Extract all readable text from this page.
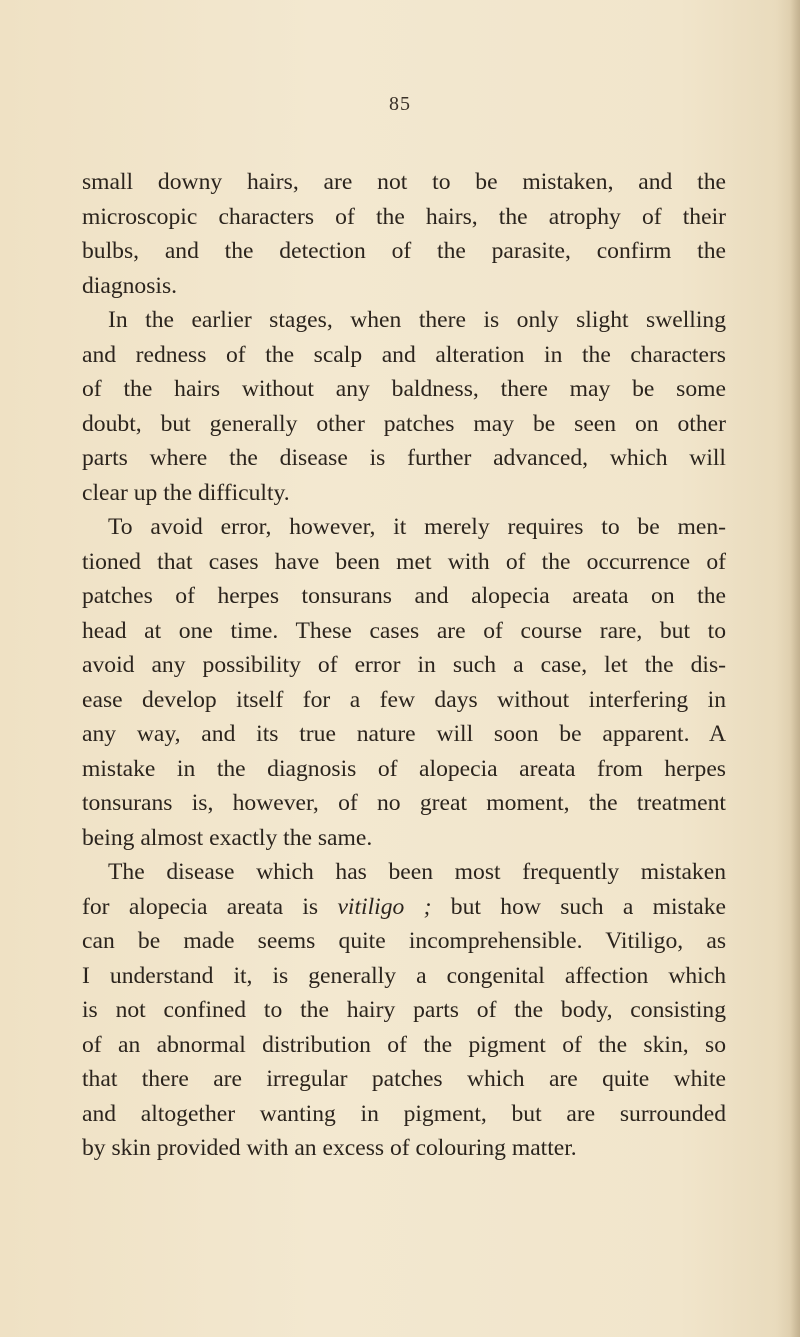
85
small downy hairs, are not to be mistaken, and the
microscopic characters of the hairs, the atrophy of their
bulbs, and the detection of the parasite, confirm the
diagnosis.
In the earlier stages, when there is only slight swelling
and redness of the scalp and alteration in the characters
of the hairs without any baldness, there may be some
doubt, but generally other patches may be seen on other
parts where the disease is further advanced, which will
clear up the difficulty.
To avoid error, however, it merely requires to be men-
tioned that cases have been met with of the occurrence of
patches of herpes tonsurans and alopecia areata on the
head at one time. These cases are of course rare, but to
avoid any possibility of error in such a case, let the dis-
ease develop itself for a few days without interfering in
any way, and its true nature will soon be apparent. A
mistake in the diagnosis of alopecia areata from herpes
tonsurans is, however, of no great moment, the treatment
being almost exactly the same.
The disease which has been most frequently mistaken
for alopecia areata is vitiligo ; but how such a mistake
can be made seems quite incomprehensible. Vitiligo, as
I understand it, is generally a congenital affection which
is not confined to the hairy parts of the body, consisting
of an abnormal distribution of the pigment of the skin, so
that there are irregular patches which are quite white
and altogether wanting in pigment, but are surrounded
by skin provided with an excess of colouring matter.
